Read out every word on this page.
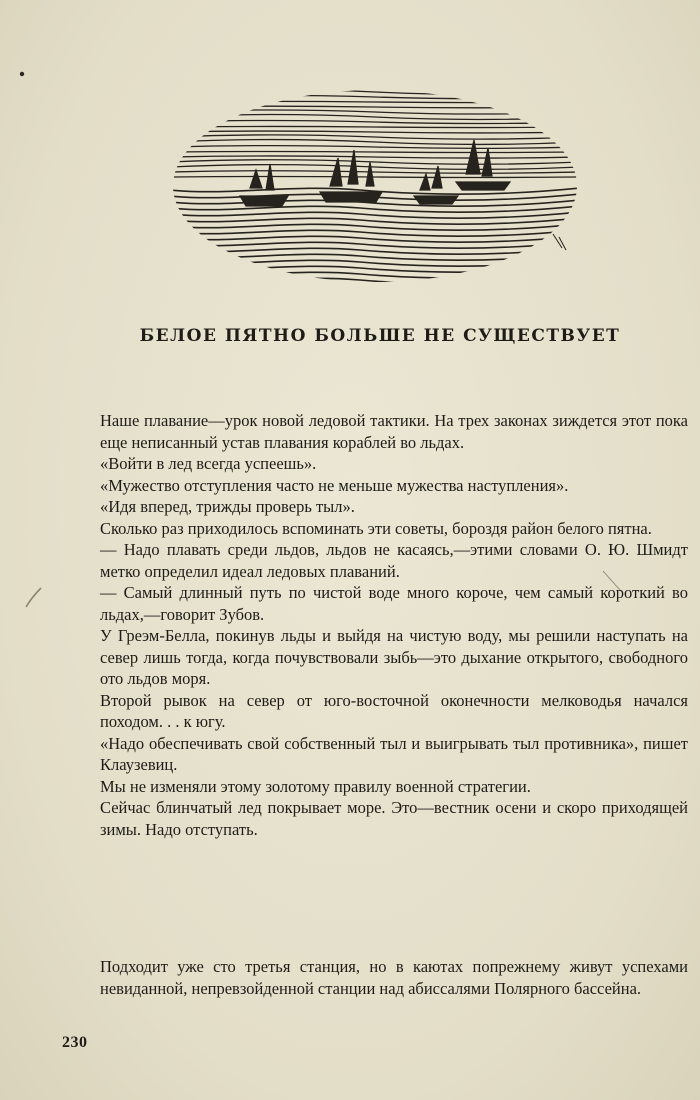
БЕЛОЕ ПЯТНО БОЛЬШЕ НЕ СУЩЕСТВУЕТ

Наше плавание—урок новой ледовой тактики. На трех законах зиждется этот пока еще неписанный устав плавания кораблей во льдах.

«Войти в лед всегда успеешь».

«Мужество отступления часто не меньше мужества наступления».

«Идя вперед, трижды проверь тыл».

Сколько раз приходилось вспоминать эти советы, бороздя район белого пятна.

— Надо плавать среди льдов, льдов не касаясь,—этими словами О. Ю. Шмидт метко определил идеал ледовых плаваний.

— Самый длинный путь по чистой воде много короче, чем самый короткий во льдах,—говорит Зубов.

У Греэм-Белла, покинув льды и выйдя на чистую воду, мы решили наступать на север лишь тогда, когда почувствовали зыбь—это дыхание открытого, свободного ото льдов моря.

Второй рывок на север от юго-восточной оконечности мелководья начался походом. . . к югу.

«Надо обеспечивать свой собственный тыл и выигрывать тыл противника», пишет Клаузевиц.

Мы не изменяли этому золотому правилу военной стратегии.

Сейчас блинчатый лед покрывает море. Это—вестник осени и скоро приходящей зимы. Надо отступать.

Подходит уже сто третья станция, но в каютах попрежнему живут успехами невиданной, непревзойденной станции над абиссалями Полярного бассейна.

230
